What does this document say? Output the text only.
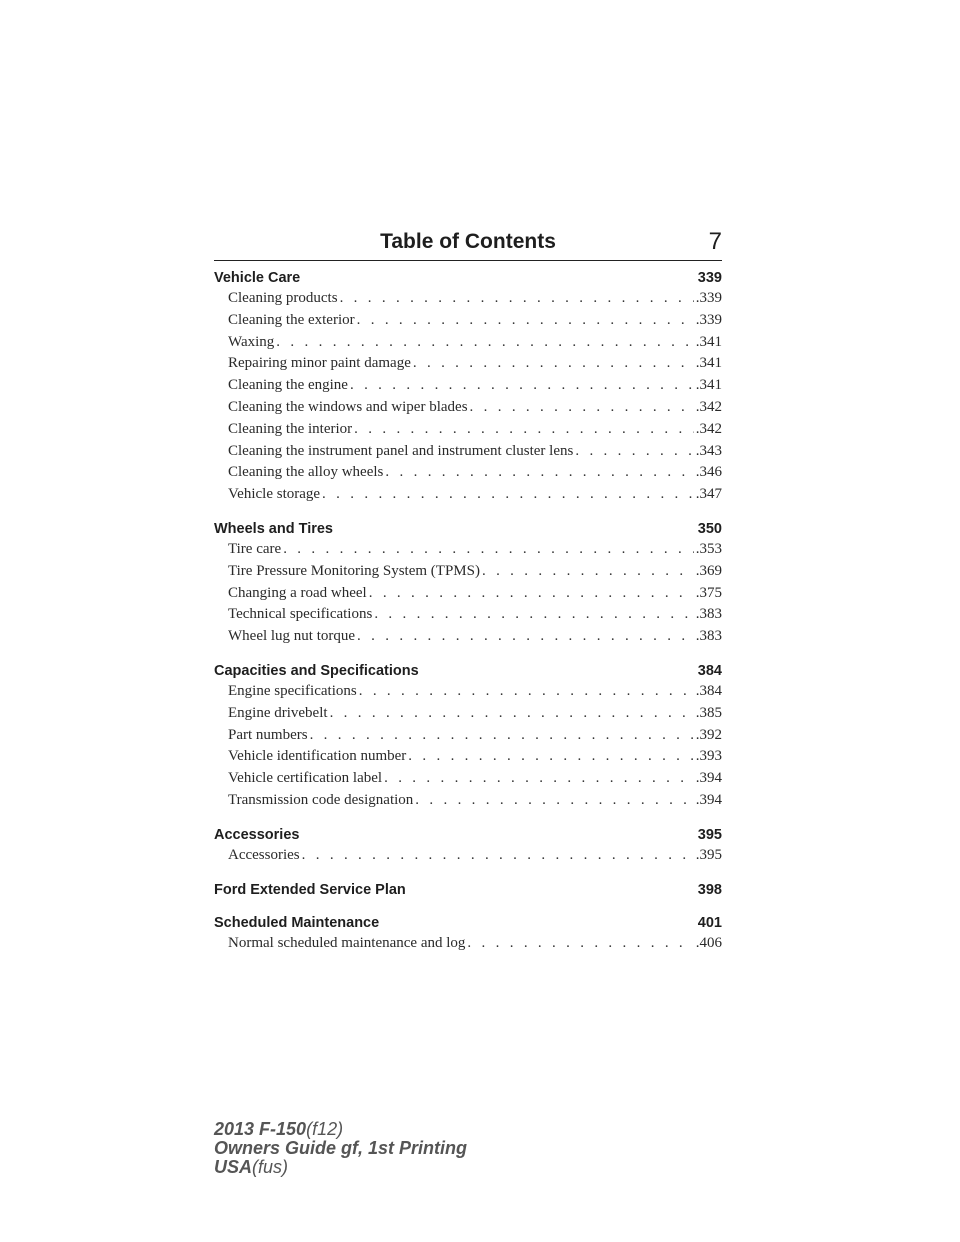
Table of Contents	7
Vehicle Care	339
Cleaning products . . .	.339
Cleaning the exterior . . .	.339
Waxing . . .	.341
Repairing minor paint damage . . .	.341
Cleaning the engine . . .	.341
Cleaning the windows and wiper blades . . .	.342
Cleaning the interior . . .	.342
Cleaning the instrument panel and instrument cluster lens . . .	.343
Cleaning the alloy wheels . . .	.346
Vehicle storage . . .	.347
Wheels and Tires	350
Tire care . . .	.353
Tire Pressure Monitoring System (TPMS) . . .	.369
Changing a road wheel . . .	.375
Technical specifications . . .	.383
Wheel lug nut torque . . .	.383
Capacities and Specifications	384
Engine specifications . . .	.384
Engine drivebelt . . .	.385
Part numbers . . .	.392
Vehicle identification number . . .	.393
Vehicle certification label . . .	.394
Transmission code designation . . .	.394
Accessories	395
Accessories . . .	.395
Ford Extended Service Plan	398
Scheduled Maintenance	401
Normal scheduled maintenance and log . . .	.406
2013 F-150(f12)
Owners Guide gf, 1st Printing
USA(fus)
